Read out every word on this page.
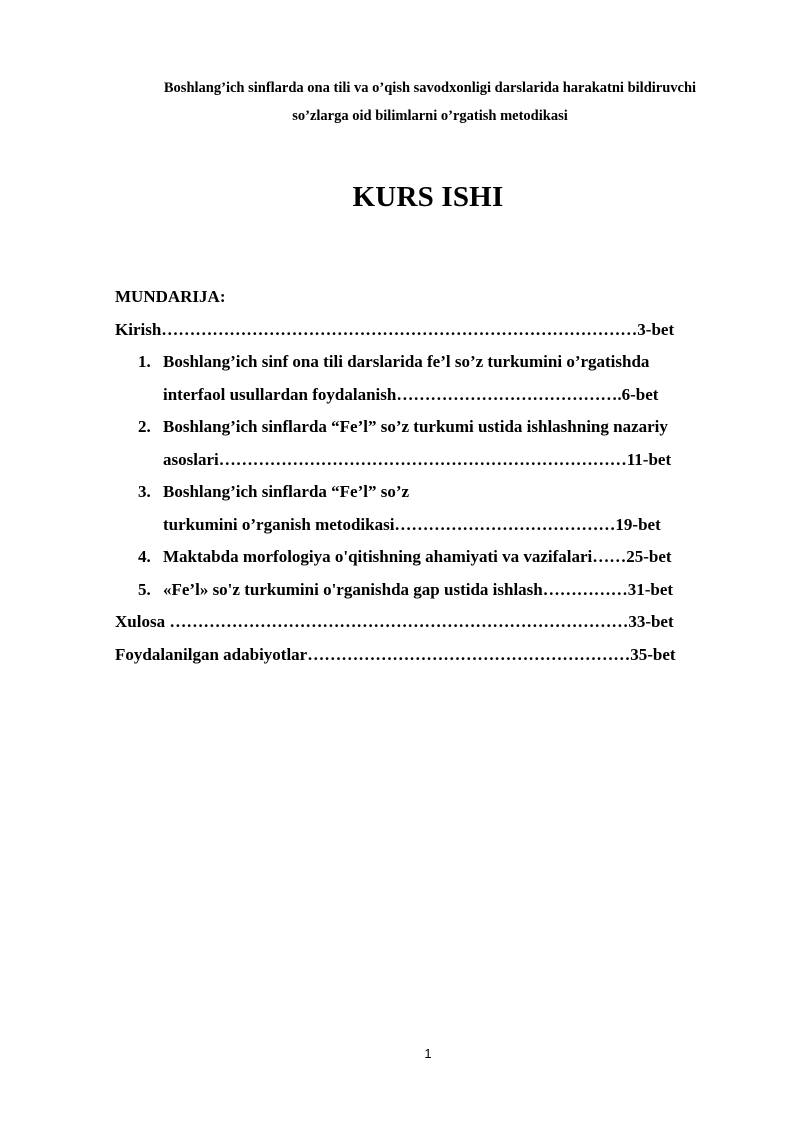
Boshlang’ich sinflarda ona tili va o’qish savodxonligi darslarida harakatni bildiruvchi
so’zlarga oid bilimlarni o’rgatish metodikasi
KURS ISHI
MUNDARIJA:
Kirish…………………………………………………………………………3-bet
1. Boshlang’ich sinf ona tili darslarida fe’l so’z turkumini o’rgatishda
interfaol usullardan foydalanish………………………………….6-bet
2. Boshlang’ich sinflarda “Fe’l” so’z turkumi ustida ishlashning nazariy
asoslari………………………………………………………………11-bet
3. Boshlang’ich sinflarda “Fe’l” so’z
turkumini o’rganish metodikasi…………………………………19-bet
4. Maktabda morfologiya o'qitishning ahamiyati va vazifalari……25-bet
5. «Fe’l» so'z turkumini o'rganishda gap ustida ishlash……………31-bet
Xulosa ………………………………………………………………………33-bet
Foydalanilgan adabiyotlar…………………………………………………35-bet
1
